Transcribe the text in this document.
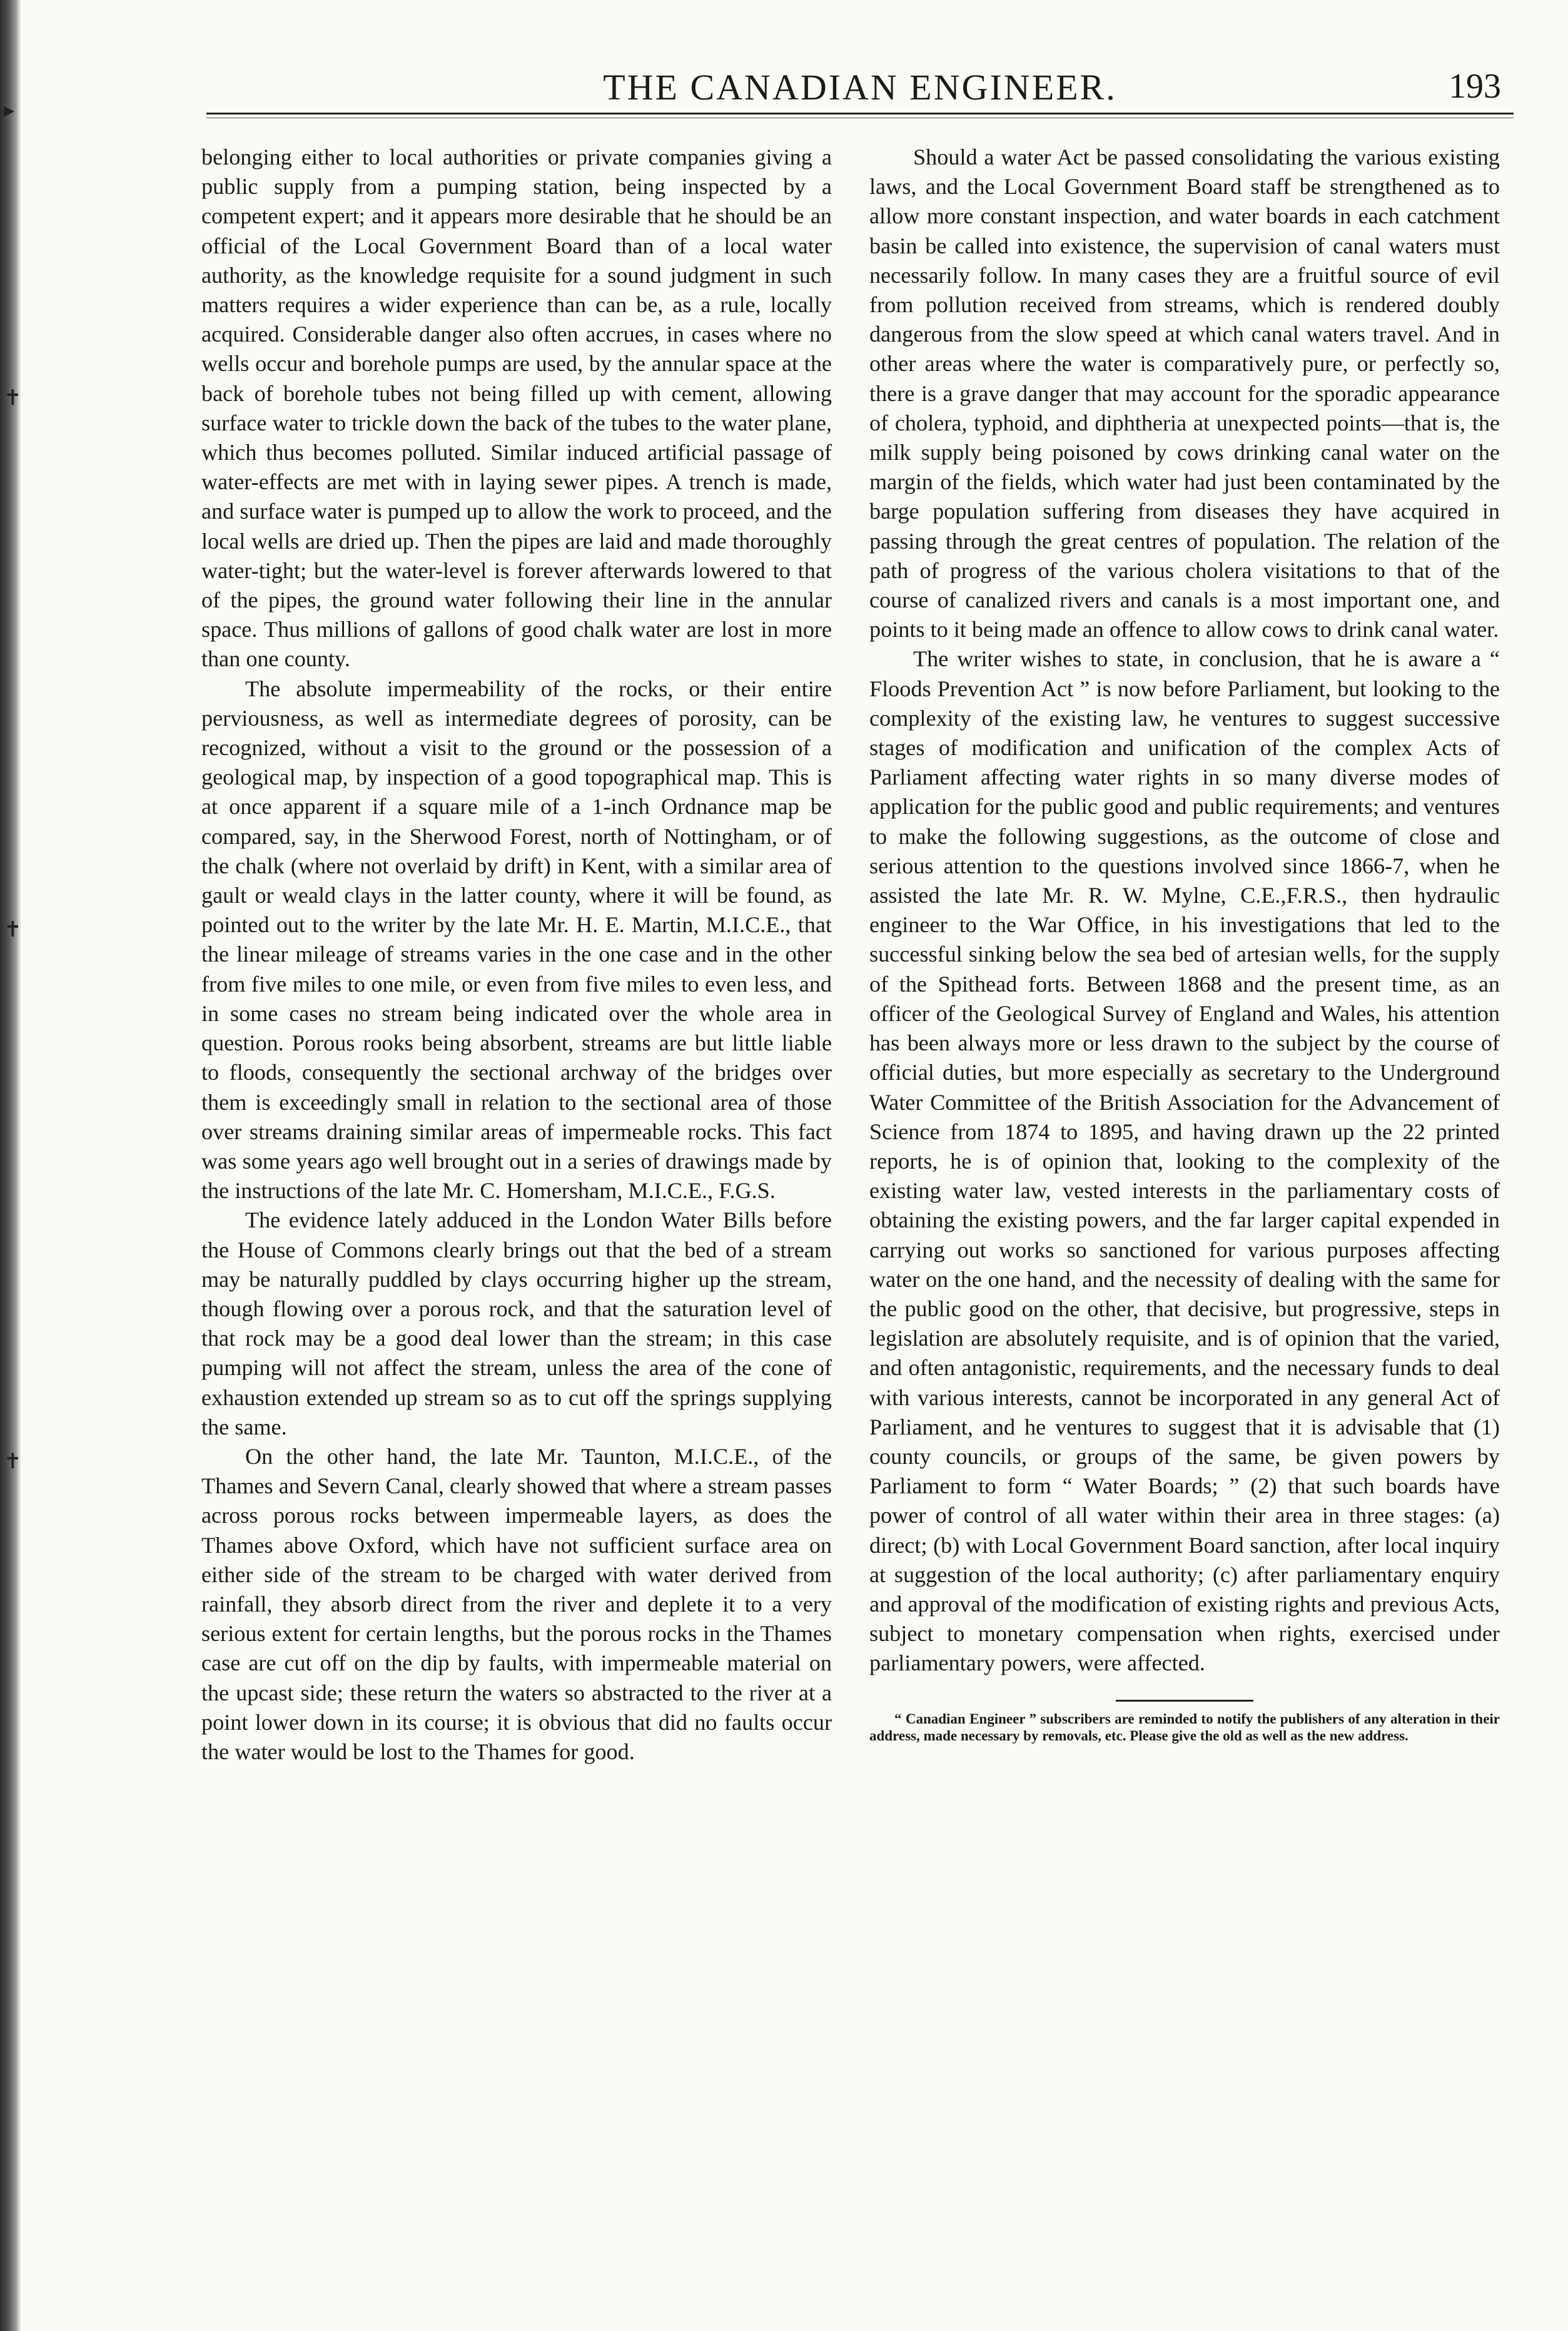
▸
✝
✝
✝
THE CANADIAN ENGINEER.	193

belonging either to local authorities or private companies giving a public supply from a pumping station, being inspected by a competent expert; and it appears more desirable that he should be an official of the Local Government Board than of a local water authority, as the knowledge requisite for a sound judgment in such matters requires a wider experience than can be, as a rule, locally acquired. Considerable danger also often accrues, in cases where no wells occur and borehole pumps are used, by the annular space at the back of borehole tubes not being filled up with cement, allowing surface water to trickle down the back of the tubes to the water plane, which thus becomes polluted. Similar induced artificial passage of water-effects are met with in laying sewer pipes. A trench is made, and surface water is pumped up to allow the work to proceed, and the local wells are dried up. Then the pipes are laid and made thoroughly water-tight; but the water-level is forever afterwards lowered to that of the pipes, the ground water following their line in the annular space. Thus millions of gallons of good chalk water are lost in more than one county.

The absolute impermeability of the rocks, or their entire perviousness, as well as intermediate degrees of porosity, can be recognized, without a visit to the ground or the possession of a geological map, by inspection of a good topographical map. This is at once apparent if a square mile of a 1-inch Ordnance map be compared, say, in the Sherwood Forest, north of Nottingham, or of the chalk (where not overlaid by drift) in Kent, with a similar area of gault or weald clays in the latter county, where it will be found, as pointed out to the writer by the late Mr. H. E. Martin, M.I.C.E., that the linear mileage of streams varies in the one case and in the other from five miles to one mile, or even from five miles to even less, and in some cases no stream being indicated over the whole area in question. Porous rooks being absorbent, streams are but little liable to floods, consequently the sectional archway of the bridges over them is exceedingly small in relation to the sectional area of those over streams draining similar areas of impermeable rocks. This fact was some years ago well brought out in a series of drawings made by the instructions of the late Mr. C. Homersham, M.I.C.E., F.G.S.

The evidence lately adduced in the London Water Bills before the House of Commons clearly brings out that the bed of a stream may be naturally puddled by clays occurring higher up the stream, though flowing over a porous rock, and that the saturation level of that rock may be a good deal lower than the stream; in this case pumping will not affect the stream, unless the area of the cone of exhaustion extended up stream so as to cut off the springs supplying the same.

On the other hand, the late Mr. Taunton, M.I.C.E., of the Thames and Severn Canal, clearly showed that where a stream passes across porous rocks between impermeable layers, as does the Thames above Oxford, which have not sufficient surface area on either side of the stream to be charged with water derived from rainfall, they absorb direct from the river and deplete it to a very serious extent for certain lengths, but the porous rocks in the Thames case are cut off on the dip by faults, with impermeable material on the upcast side; these return the waters so abstracted to the river at a point lower down in its course; it is obvious that did no faults occur the water would be lost to the Thames for good.

Should a water Act be passed consolidating the various existing laws, and the Local Government Board staff be strengthened as to allow more constant inspection, and water boards in each catchment basin be called into existence, the supervision of canal waters must necessarily follow. In many cases they are a fruitful source of evil from pollution received from streams, which is rendered doubly dangerous from the slow speed at which canal waters travel. And in other areas where the water is comparatively pure, or perfectly so, there is a grave danger that may account for the sporadic appearance of cholera, typhoid, and diphtheria at unexpected points—that is, the milk supply being poisoned by cows drinking canal water on the margin of the fields, which water had just been contaminated by the barge population suffering from diseases they have acquired in passing through the great centres of population. The relation of the path of progress of the various cholera visitations to that of the course of canalized rivers and canals is a most important one, and points to it being made an offence to allow cows to drink canal water.

The writer wishes to state, in conclusion, that he is aware a “ Floods Prevention Act ” is now before Parliament, but looking to the complexity of the existing law, he ventures to suggest successive stages of modification and unification of the complex Acts of Parliament affecting water rights in so many diverse modes of application for the public good and public requirements; and ventures to make the following suggestions, as the outcome of close and serious attention to the questions involved since 1866-7, when he assisted the late Mr. R. W. Mylne, C.E.,F.R.S., then hydraulic engineer to the War Office, in his investigations that led to the successful sinking below the sea bed of artesian wells, for the supply of the Spithead forts. Between 1868 and the present time, as an officer of the Geological Survey of England and Wales, his attention has been always more or less drawn to the subject by the course of official duties, but more especially as secretary to the Underground Water Committee of the British Association for the Advancement of Science from 1874 to 1895, and having drawn up the 22 printed reports, he is of opinion that, looking to the complexity of the existing water law, vested interests in the parliamentary costs of obtaining the existing powers, and the far larger capital expended in carrying out works so sanctioned for various purposes affecting water on the one hand, and the necessity of dealing with the same for the public good on the other, that decisive, but progressive, steps in legislation are absolutely requisite, and is of opinion that the varied, and often antagonistic, requirements, and the necessary funds to deal with various interests, cannot be incorporated in any general Act of Parliament, and he ventures to suggest that it is advisable that (1) county councils, or groups of the same, be given powers by Parliament to form “ Water Boards; ” (2) that such boards have power of control of all water within their area in three stages: (a) direct; (b) with Local Government Board sanction, after local inquiry at suggestion of the local authority; (c) after parliamentary enquiry and approval of the modification of existing rights and previous Acts, subject to monetary compensation when rights, exercised under parliamentary powers, were affected.

“ Canadian Engineer ” subscribers are reminded to notify the publishers of any alteration in their address, made necessary by removals, etc. Please give the old as well as the new address.
